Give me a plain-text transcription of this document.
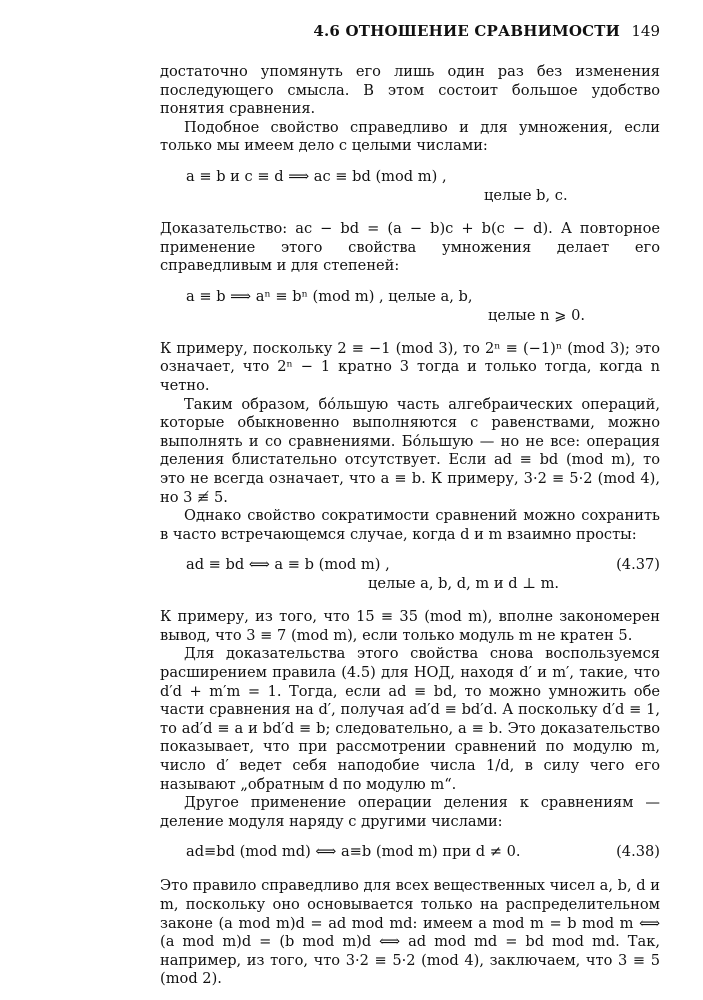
4.6 ОТНОШЕНИЕ СРАВНИМОСТИ 149

достаточно упомянуть его лишь один раз без изменения последующего смысла. В этом состоит большое удобство понятия сравнения.

Подобное свойство справедливо и для умножения, если только мы имеем дело с целыми числами:

a ≡ b и c ≡ d ⟹ ac ≡ bd (mod m) ,
целые b, c.

Доказательство: ac − bd = (a − b)c + b(c − d). А повторное применение этого свойства умножения делает его справедливым и для степеней:

a ≡ b ⟹ aⁿ ≡ bⁿ (mod m) , целые a, b,
целые n ⩾ 0.

К примеру, поскольку 2 ≡ −1 (mod 3), то 2ⁿ ≡ (−1)ⁿ (mod 3); это означает, что 2ⁿ − 1 кратно 3 тогда и только тогда, когда n четно.

Таким образом, бо́льшую часть алгебраических операций, которые обыкновенно выполняются с равенствами, можно выполнять и со сравнениями. Бо́льшую — но не все: операция деления блистательно отсутствует. Если ad ≡ bd (mod m), то это не всегда означает, что a ≡ b. К примеру, 3·2 ≡ 5·2 (mod 4), но 3 ≢ 5.

Однако свойство сократимости сравнений можно сохранить в часто встречающемся случае, когда d и m взаимно просты:

ad ≡ bd ⟺ a ≡ b (mod m) ,
целые a, b, d, m и d ⊥ m.
(4.37)

К примеру, из того, что 15 ≡ 35 (mod m), вполне закономерен вывод, что 3 ≡ 7 (mod m), если только модуль m не кратен 5.

Для доказательства этого свойства снова воспользуемся расширением правила (4.5) для НОД, находя d′ и m′, такие, что d′d + m′m = 1. Тогда, если ad ≡ bd, то можно умножить обе части сравнения на d′, получая ad′d ≡ bd′d. А поскольку d′d ≡ 1, то ad′d ≡ a и bd′d ≡ b; следовательно, a ≡ b. Это доказательство показывает, что при рассмотрении сравнений по модулю m, число d′ ведет себя наподобие числа 1/d, в силу чего его называют „обратным d по модулю m“.

Другое применение операции деления к сравнениям — деление модуля наряду с другими числами:

ad≡bd (mod md) ⟺ a≡b (mod m) при d ≠ 0.	(4.38)

Это правило справедливо для всех вещественных чисел a, b, d и m, поскольку оно основывается только на распределительном законе (a mod m)d = ad mod md: имеем a mod m = b mod m ⟺ (a mod m)d = (b mod m)d ⟺ ad mod md = bd mod md. Так, например, из того, что 3·2 ≡ 5·2 (mod 4), заключаем, что 3 ≡ 5 (mod 2).
